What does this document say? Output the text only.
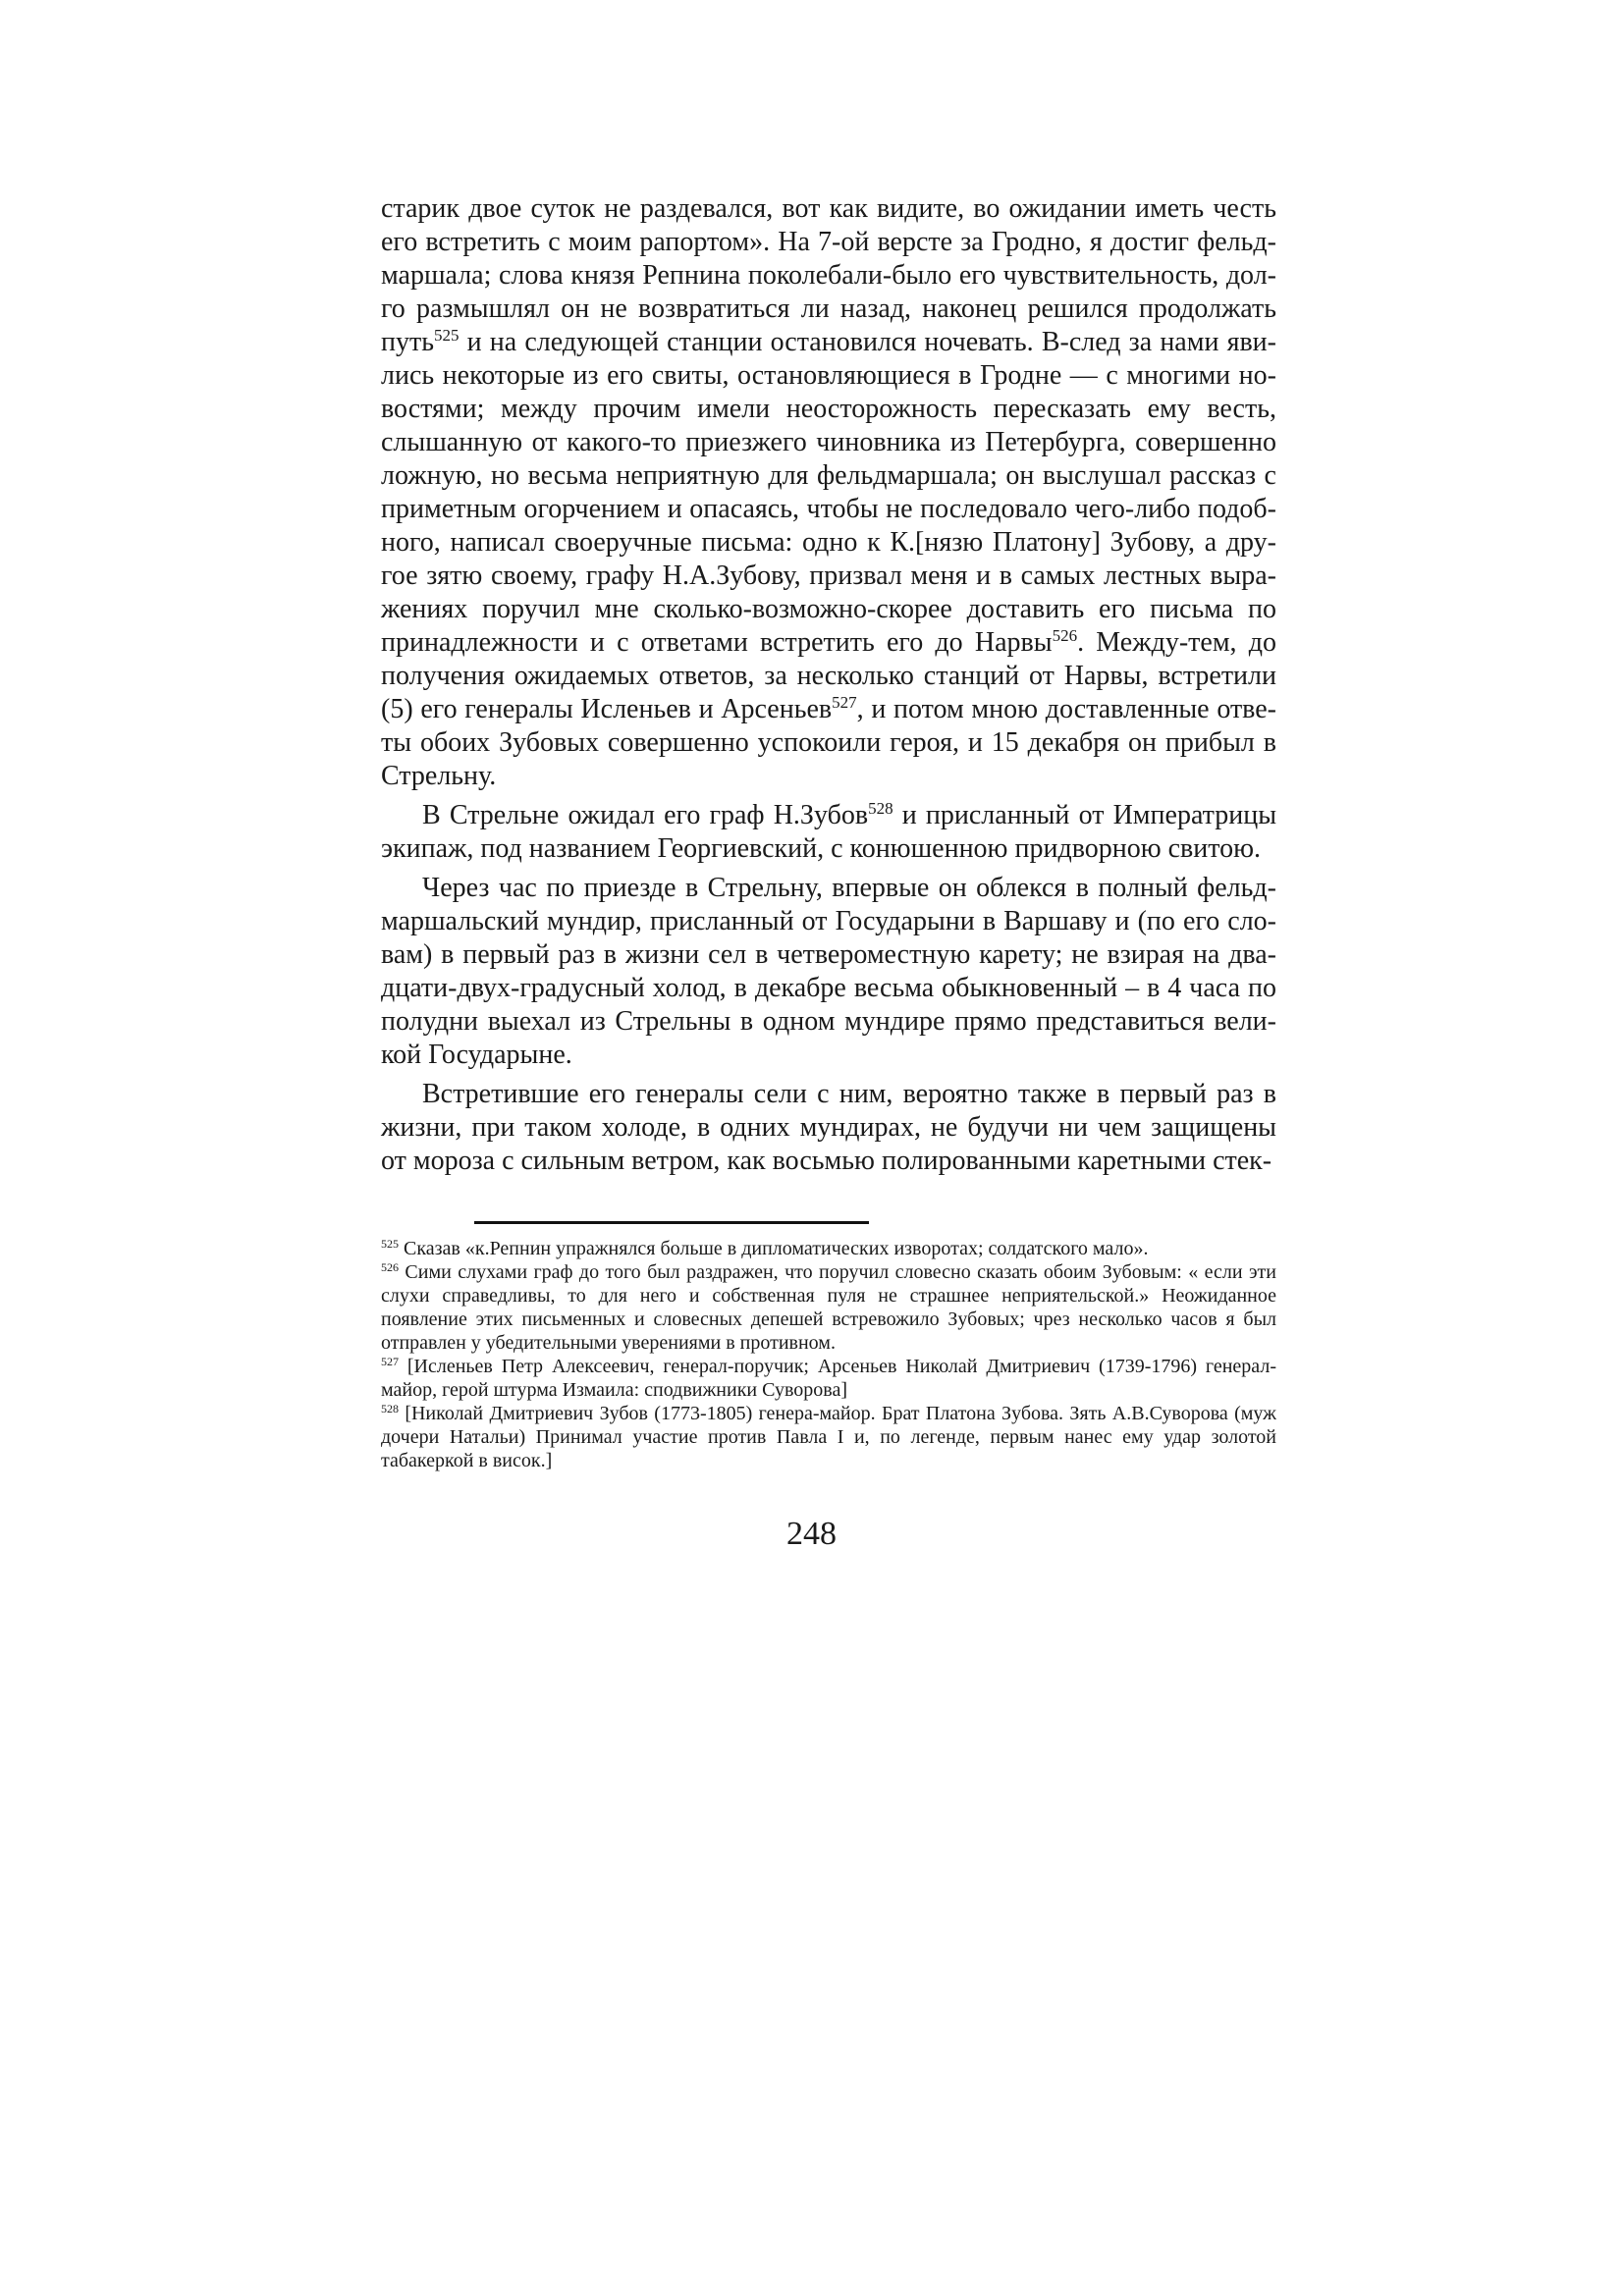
старик двое суток не раздевался, вот как видите, во ожидании иметь честь его встретить с моим рапортом». На 7-ой версте за Гродно, я достиг фельдмаршала; слова князя Репнина поколебали-было его чувствительность, долго размышлял он не возвратиться ли назад, наконец решился продолжать путь$^{525}$ и на следующей станции остановился ночевать. В-след за нами явились некоторые из его свиты, остановляющиеся в Гродне — с многими новостями; между прочим имели неосторожность пересказать ему весть, слышанную от какого-то приезжего чиновника из Петербурга, совершенно ложную, но весьма неприятную для фельдмаршала; он выслушал рассказ с приметным огорчением и опасаясь, чтобы не последовало чего-либо подобного, написал своеручные письма: одно к К.[нязю Платону] Зубову, а другое зятю своему, графу Н.А.Зубову, призвал меня и в самых лестных выражениях поручил мне сколько-возможно-скорее доставить его письма по принадлежности и с ответами встретить его до Нарвы$^{526}$. Между-тем, до получения ожидаемых ответов, за несколько станций от Нарвы, встретили (5) его генералы Исленьев и Арсеньев$^{527}$, и потом мною доставленные ответы обоих Зубовых совершенно успокоили героя, и 15 декабря он прибыл в Стрельну.

В Стрельне ожидал его граф Н.Зубов$^{528}$ и присланный от Императрицы экипаж, под названием Георгиевский, с конюшенною придворною свитою.

Через час по приезде в Стрельну, впервые он облекся в полный фельдмаршальский мундир, присланный от Государыни в Варшаву и (по его словам) в первый раз в жизни сел в четвероместную карету; не взирая на двадцати-двух-градусный холод, в декабре весьма обыкновенный – в 4 часа по полудни выехал из Стрельны в одном мундире прямо представиться великой Государыне.

Встретившие его генералы сели с ним, вероятно также в первый раз в жизни, при таком холоде, в одних мундирах, не будучи ни чем защищены от мороза с сильным ветром, как восьмью полированными каретными стек-

$^{525}$ Сказав «к.Репнин упражнялся больше в дипломатических изворотах; солдатского мало».

$^{526}$ Сими слухами граф до того был раздражен, что поручил словесно сказать обоим Зубовым: « если эти слухи справедливы, то для него и собственная пуля не страшнее неприятельской.» Неожиданное появление этих письменных и словесных депешей встревожило Зубовых; чрез несколько часов я был отправлен у убедительными уверениями в противном.

$^{527}$ [Исленьев Петр Алексеевич, генерал-поручик; Арсеньев Николай Дмитриевич (1739-1796) генерал-майор, герой штурма Измаила: сподвижники Суворова]

$^{528}$ [Николай Дмитриевич Зубов (1773-1805) генера-майор. Брат Платона Зубова. Зять А.В.Суворова (муж дочери Натальи) Принимал участие против Павла I и, по легенде, первым нанес ему удар золотой табакеркой в висок.]

248
